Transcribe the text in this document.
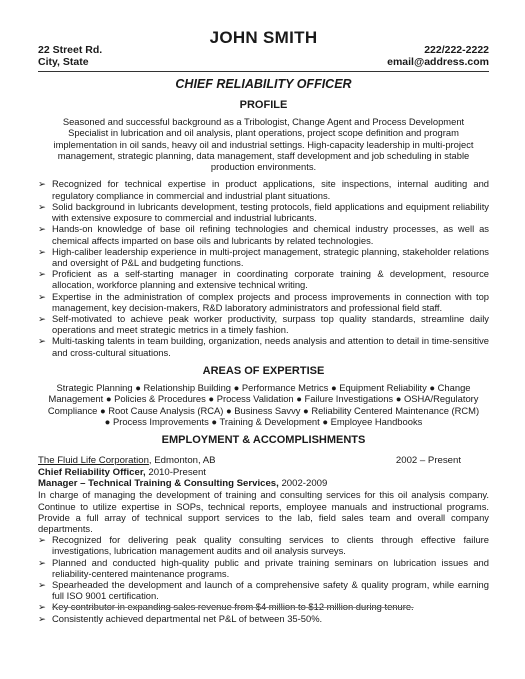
JOHN SMITH
22 Street Rd.
City, State
222/222-2222
email@address.com
CHIEF RELIABILITY OFFICER
PROFILE

Seasoned and successful background as a Tribologist, Change Agent and Process Development Specialist in lubrication and oil analysis, plant operations, project scope definition and program implementation in oil sands, heavy oil and industrial settings. High-capacity leadership in multi-project management, strategic planning, data management, staff development and job scheduling in stable production environments.

➢ Recognized for technical expertise in product applications, site inspections, internal auditing and regulatory compliance in commercial and industrial plant situations.
➢ Solid background in lubricants development, testing protocols, field applications and equipment reliability with extensive exposure to commercial and industrial lubricants.
➢ Hands-on knowledge of base oil refining technologies and chemical industry processes, as well as chemical affects imparted on base oils and lubricants by related technologies.
➢ High-caliber leadership experience in multi-project management, strategic planning, stakeholder relations and oversight of P&L and budgeting functions.
➢ Proficient as a self-starting manager in coordinating corporate training & development, resource allocation, workforce planning and extensive technical writing.
➢ Expertise in the administration of complex projects and process improvements in connection with top management, key decision-makers, R&D laboratory administrators and professional field staff.
➢ Self-motivated to achieve peak worker productivity, surpass top quality standards, streamline daily operations and meet strategic metrics in a timely fashion.
➢ Multi-tasking talents in team building, organization, needs analysis and attention to detail in time-sensitive and cross-cultural situations.
AREAS OF EXPERTISE
Strategic Planning ● Relationship Building ● Performance Metrics ● Equipment Reliability ● Change Management ● Policies & Procedures ● Process Validation ● Failure Investigations ● OSHA/Regulatory Compliance ● Root Cause Analysis (RCA) ● Business Savvy ● Reliability Centered Maintenance (RCM) ● Process Improvements ● Training & Development ● Employee Handbooks
EMPLOYMENT & ACCOMPLISHMENTS
The Fluid Life Corporation, Edmonton, AB	2002 – Present
Chief Reliability Officer, 2010-Present
Manager – Technical Training & Consulting Services, 2002-2009
In charge of managing the development of training and consulting services for this oil analysis company. Continue to utilize expertise in SOPs, technical reports, employee manuals and instructional programs. Provide a full array of technical support services to the lab, field sales team and overall company departments.
➢ Recognized for delivering peak quality consulting services to clients through effective failure investigations, lubrication management audits and oil analysis surveys.
➢ Planned and conducted high-quality public and private training seminars on lubrication issues and reliability-centered maintenance programs.
➢ Spearheaded the development and launch of a comprehensive safety & quality program, while earning full ISO 9001 certification.
➢ Key contributor in expanding sales revenue from $4 million to $12 million during tenure.
➢ Consistently achieved departmental net P&L of between 35-50%.
